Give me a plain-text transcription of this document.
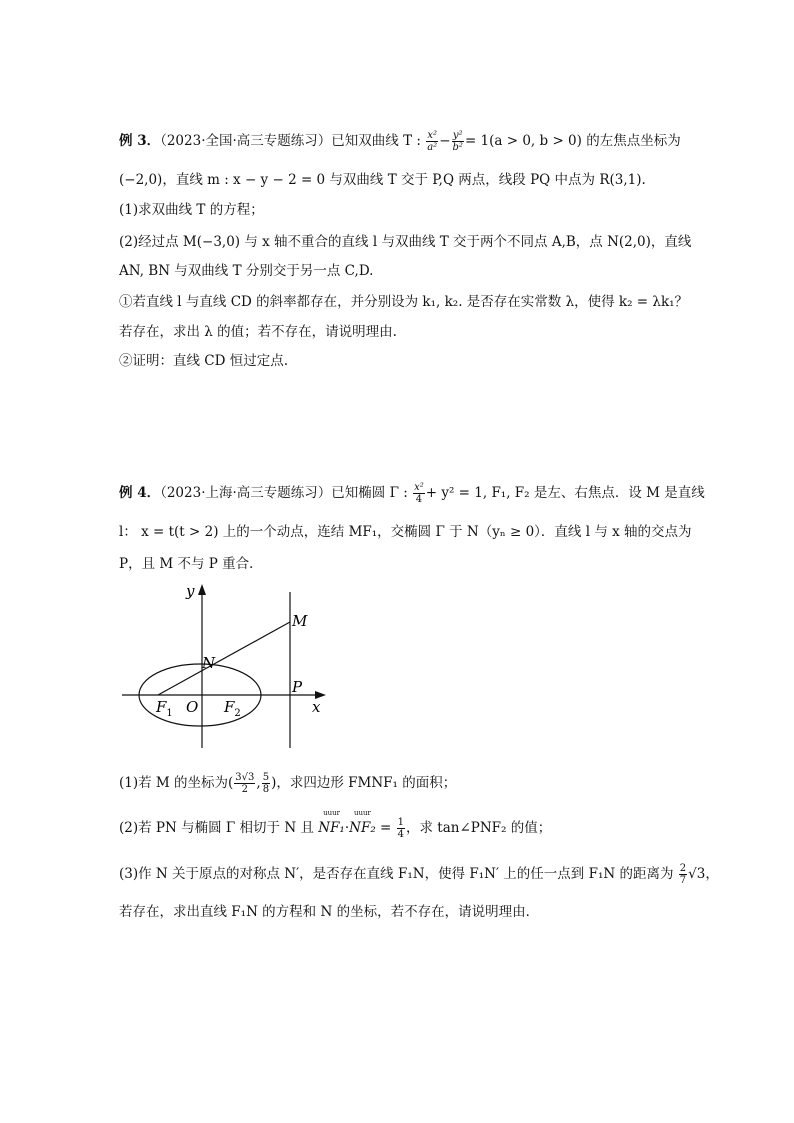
例 3．（2023·全国·高三专题练习）已知双曲线 T : $\frac{\text{x²}}{\text{a²}} - \frac{\text{y²}}{\text{b²}} = 1(a > 0$, b > 0) 的左焦点坐标为
(−2,0)，直线 m : x − y − 2 = 0 与双曲线 T 交于 P,Q 两点，线段 PQ 中点为 R(3,1).
(1)求双曲线 T 的方程；
(2)经过点 M(−3,0) 与 x 轴不重合的直线 l 与双曲线 T 交于两个不同点 A,B，点 N(2,0)，直线
AN, BN 与双曲线 T 分别交于另一点 C,D.
①若直线 l 与直线 CD 的斜率都存在，并分别设为 k₁, k₂. 是否存在实常数 λ，使得 k₂ = λk₁？
若存在，求出 λ 的值；若不存在，请说明理由.
②证明：直线 CD 恒过定点.
例 4．（2023·上海·高三专题练习）已知椭圆 Γ : $\frac{\text{x²}}{4} + y^2 = 1$, F₁, F₂ 是左、右焦点．设 M 是直线
l： x = t(t > 2) 上的一个动点，连结 MF₁，交椭圆 Γ 于 N（yₙ ≥ 0）．直线 l 与 x 轴的交点为
P，且 M 不与 P 重合．
y
x
M
N
P
O
$F_1$	$F_2$
(1)若 M 的坐标为( $\frac{3√3}{2}$ , $\frac{5}{8}$ )，求四边形 FMNF₁ 的面积；
(2)若 PN 与椭圆 Γ 相切于 N 且
uuur
NF₁·
uuur
$NF_2 = \frac{1}{4}$ ，求 tan∠PNF₂ 的值；
(3)作 N 关于原点的对称点 N′，是否存在直线 F₁N，使得 F₁N′ 上的任一点到 F₁N 的距离为 $\frac{2}{7} √3$，
若存在，求出直线 F₁N 的方程和 N 的坐标，若不存在，请说明理由．
